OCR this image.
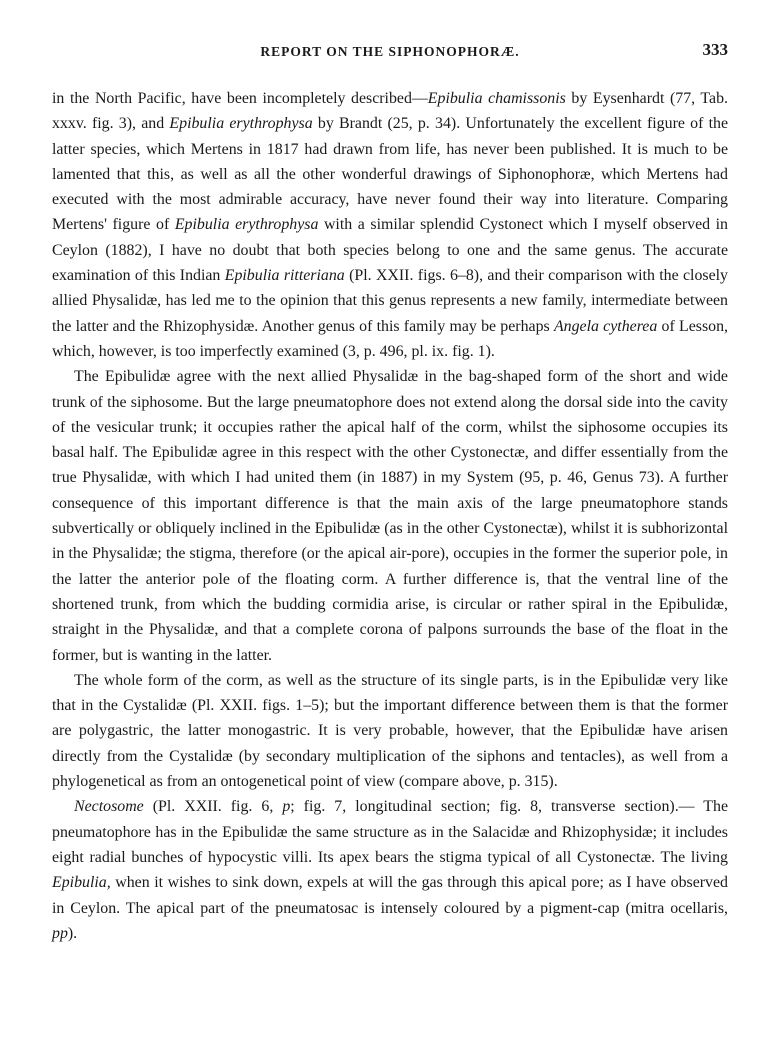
REPORT ON THE SIPHONOPHORÆ.	333

in the North Pacific, have been incompletely described—Epibulia chamissonis by Eysenhardt (77, Tab. xxxv. fig. 3), and Epibulia erythrophysa by Brandt (25, p. 34). Unfortunately the excellent figure of the latter species, which Mertens in 1817 had drawn from life, has never been published. It is much to be lamented that this, as well as all the other wonderful drawings of Siphonophoræ, which Mertens had executed with the most admirable accuracy, have never found their way into literature. Comparing Mertens' figure of Epibulia erythrophysa with a similar splendid Cystonect which I myself observed in Ceylon (1882), I have no doubt that both species belong to one and the same genus. The accurate examination of this Indian Epibulia ritteriana (Pl. XXII. figs. 6–8), and their comparison with the closely allied Physalidæ, has led me to the opinion that this genus represents a new family, intermediate between the latter and the Rhizophysidæ. Another genus of this family may be perhaps Angela cytherea of Lesson, which, however, is too imperfectly examined (3, p. 496, pl. ix. fig. 1).

The Epibulidæ agree with the next allied Physalidæ in the bag-shaped form of the short and wide trunk of the siphosome. But the large pneumatophore does not extend along the dorsal side into the cavity of the vesicular trunk; it occupies rather the apical half of the corm, whilst the siphosome occupies its basal half. The Epibulidæ agree in this respect with the other Cystonectæ, and differ essentially from the true Physalidæ, with which I had united them (in 1887) in my System (95, p. 46, Genus 73). A further consequence of this important difference is that the main axis of the large pneumatophore stands subvertically or obliquely inclined in the Epibulidæ (as in the other Cystonectæ), whilst it is subhorizontal in the Physalidæ; the stigma, therefore (or the apical air-pore), occupies in the former the superior pole, in the latter the anterior pole of the floating corm. A further difference is, that the ventral line of the shortened trunk, from which the budding cormidia arise, is circular or rather spiral in the Epibulidæ, straight in the Physalidæ, and that a complete corona of palpons surrounds the base of the float in the former, but is wanting in the latter.

The whole form of the corm, as well as the structure of its single parts, is in the Epibulidæ very like that in the Cystalidæ (Pl. XXII. figs. 1–5); but the important difference between them is that the former are polygastric, the latter monogastric. It is very probable, however, that the Epibulidæ have arisen directly from the Cystalidæ (by secondary multiplication of the siphons and tentacles), as well from a phylogenetical as from an ontogenetical point of view (compare above, p. 315).

Nectosome (Pl. XXII. fig. 6, p; fig. 7, longitudinal section; fig. 8, transverse section).— The pneumatophore has in the Epibulidæ the same structure as in the Salacidæ and Rhizophysidæ; it includes eight radial bunches of hypocystic villi. Its apex bears the stigma typical of all Cystonectæ. The living Epibulia, when it wishes to sink down, expels at will the gas through this apical pore; as I have observed in Ceylon. The apical part of the pneumatosac is intensely coloured by a pigment-cap (mitra ocellaris, pp).
